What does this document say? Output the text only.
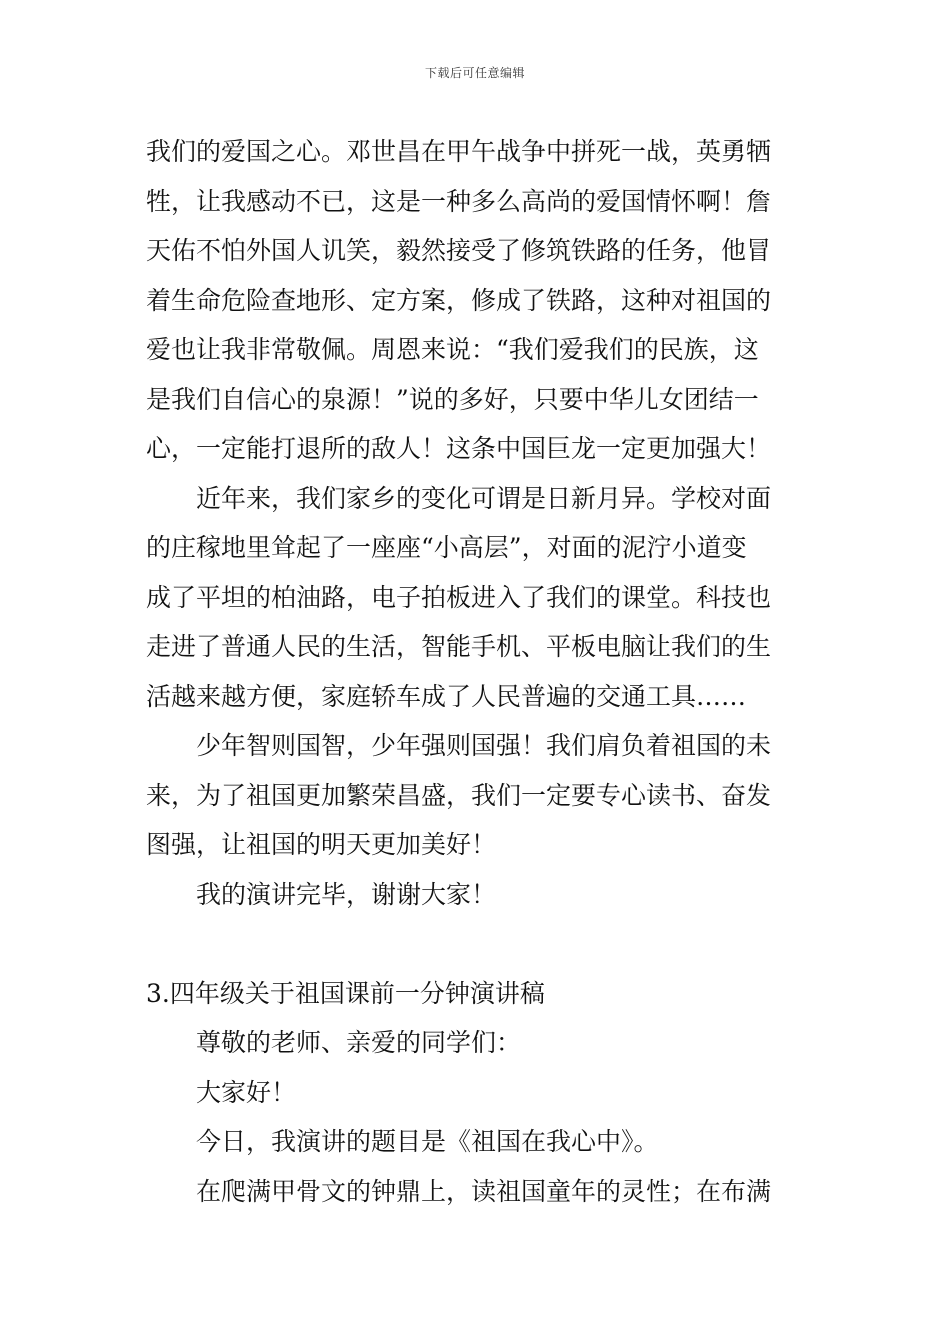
下载后可任意编辑
我们的爱国之心。邓世昌在甲午战争中拼死一战，英勇牺
牲，让我感动不已，这是一种多么高尚的爱国情怀啊！詹
天佑不怕外国人讥笑，毅然接受了修筑铁路的任务，他冒
着生命危险查地形、定方案，修成了铁路，这种对祖国的
爱也让我非常敬佩。周恩来说：“我们爱我们的民族，这
是我们自信心的泉源！”说的多好，只要中华儿女团结一
心，一定能打退所的敌人！这条中国巨龙一定更加强大！
近年来，我们家乡的变化可谓是日新月异。学校对面
的庄稼地里耸起了一座座“小高层”，对面的泥泞小道变
成了平坦的柏油路，电子拍板进入了我们的课堂。科技也
走进了普通人民的生活，智能手机、平板电脑让我们的生
活越来越方便，家庭轿车成了人民普遍的交通工具……
少年智则国智，少年强则国强！我们肩负着祖国的未
来，为了祖国更加繁荣昌盛，我们一定要专心读书、奋发
图强，让祖国的明天更加美好！
我的演讲完毕，谢谢大家！
3.四年级关于祖国课前一分钟演讲稿
尊敬的老师、亲爱的同学们：
大家好！
今日，我演讲的题目是《祖国在我心中》。
在爬满甲骨文的钟鼎上，读祖国童年的灵性；在布满
